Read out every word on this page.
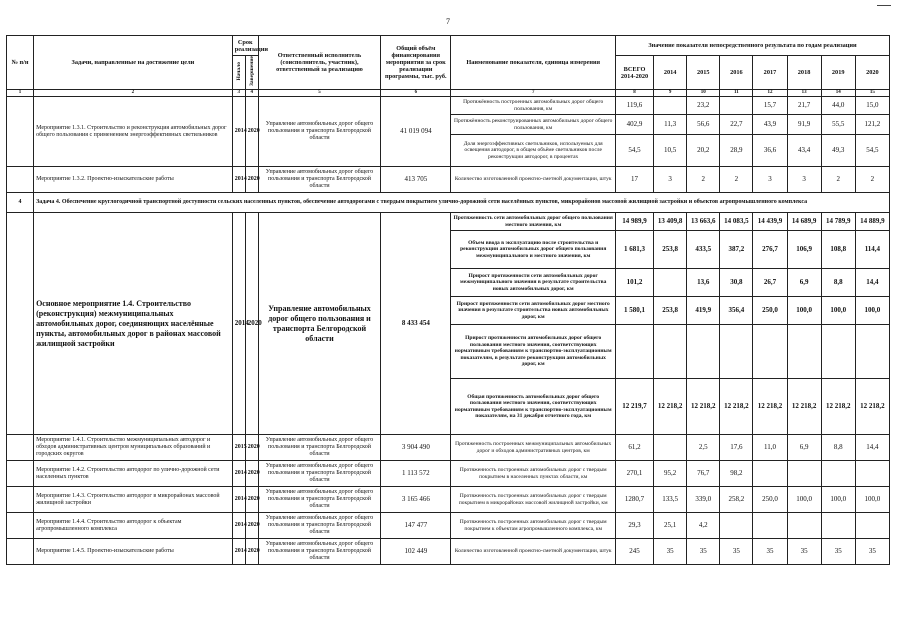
7
№ п/н	Задачи, направленные на достижение цели	Срок реализации		Ответственный исполнитель (соисполнитель, участник), ответственный за реализацию	Общий объём финансирования мероприятия за срок реализации программы, тыс. руб.	Наименование показателя, единица измерения	Значение показателя непосредственного результата по годам реализации							
		Начало	Завершение				ВСЕГО 2014-2020	2014	2015	2016	2017	2018	2019	2020

1	2	3	4	5	6	7	8	9	10	11	12	13	14	15
	Мероприятие 1.3.1. Строительство и реконструкция автомобильных дорог общего пользования с применением энергоэффективных светильников	2014	2020	Управление автомобильных дорог общего пользования и транспорта Белгородской области	41 019 094	Протяжённость построенных автомобильных дорог общего пользования, км	119,6		23,2		15,7	21,7	44,0	15,0
						Протяжённость реконструированных автомобильных дорог общего пользования, км	402,9	11,3	56,6	22,7	43,9	91,9	55,5	121,2
						Доля энергоэффективных светильников, используемых для освещения автодорог, в общем объёме светильников после реконструкции автодорог, в процентах	54,5	10,5	20,2	28,9	36,6	43,4	49,3	54,5
	Мероприятие 1.3.2. Проектно-изыскательские работы	2014	2020	Управление автомобильных дорог общего пользования и транспорта Белгородской области	413 705	Количество изготовленной проектно-сметной документации, штук	17	3	2	2	3	3	2	2
4	Задача 4. Обеспечение круглогодичной транспортной доступности сельских населенных пунктов, обеспечение автодорогами с твердым покрытием улично-дорожной сети населённых пунктов, микрорайонов массовой жилищной застройки и объектов агропромышленного комплекса													
	Основное мероприятие 1.4. Строительство (реконструкция) межмуниципальных автомобильных дорог, соединяющих населённые пункты, автомобильных дорог в районах массовой жилищной застройки	2014	2020	Управление автомобильных дорог общего пользования и транспорта Белгородской области	8 433 454	Протяженность сети автомобильных дорог общего пользования местного значения, км	14 989,9	13 409,8	13 663,6	14 083,5	14 439,9	14 689,9	14 789,9	14 889,9
						Объем ввода в эксплуатацию после строительства и реконструкции автомобильных дорог общего пользования межмуниципального и местного значения, км	1 681,3	253,8	433,5	387,2	276,7	106,9	108,8	114,4
						Прирост протяженности сети автомобильных дорог межмуниципального значения в результате строительства новых автомобильных дорог, км	101,2		13,6	30,8	26,7	6,9	8,8	14,4
						Прирост протяженности сети автомобильных дорог местного значения в результате строительства новых автомобильных дорог, км	1 580,1	253,8	419,9	356,4	250,0	100,0	100,0	100,0
						Прирост протяженности автомобильных дорог общего пользования местного значения, соответствующих нормативным требованиям к транспортно-эксплуатационным показателям, в результате реконструкции автомобильных дорог, км								
						Общая протяженность автомобильных дорог общего пользования местного значения, соответствующих нормативным требованиям к транспортно-эксплуатационным показателям, на 31 декабря отчетного года, км	12 219,7	12 218,2	12 218,2	12 218,2	12 218,2	12 218,2	12 218,2	12 218,2
	Мероприятие 1.4.1. Строительство межмуниципальных автодорог и обходов административных центров муниципальных образований и городских округов	2015	2020	Управление автомобильных дорог общего пользования и транспорта Белгородской области	3 904 490	Протяженность построенных межмуниципальных автомобильных дорог и обходов административных центров, км	61,2		2,5	17,6	11,0	6,9	8,8	14,4
	Мероприятие 1.4.2. Строительство автодорог по улично-дорожной сети населенных пунктов	2014	2020	Управление автомобильных дорог общего пользования и транспорта Белгородской области	1 113 572	Протяженность построенных автомобильных дорог с твердым покрытием в населенных пунктах области, км	270,1	95,2	76,7	98,2				
	Мероприятие 1.4.3. Строительство автодорог в микрорайонах массовой жилищной застройки	2014	2020	Управление автомобильных дорог общего пользования и транспорта Белгородской области	3 165 466	Протяженность построенных автомобильных дорог с твердым покрытием в микрорайонах массовой жилищной застройки, км	1280,7	133,5	339,0	258,2	250,0	100,0	100,0	100,0
	Мероприятие 1.4.4. Строительство автодорог к объектам агропромышленного комплекса	2014	2020	Управление автомобильных дорог общего пользования и транспорта Белгородской области	147 477	Протяженность построенных автомобильных дорог с твердым покрытием к объектам агропромышленного комплекса, км	29,3	25,1	4,2					
	Мероприятие 1.4.5. Проектно-изыскательские работы	2014	2020	Управление автомобильных дорог общего пользования и транспорта Белгородской области	102 449	Количество изготовленной проектно-сметной документации, штук	245	35	35	35	35	35	35	35
